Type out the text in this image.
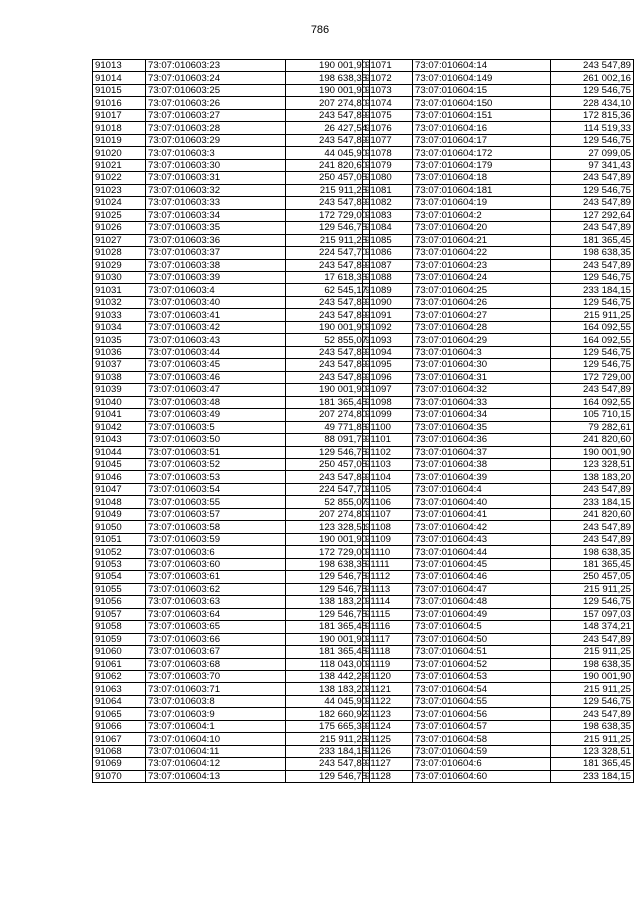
786
91013	73:07:010603:23	190 001,90
91014	73:07:010603:24	198 638,35
91015	73:07:010603:25	190 001,90
91016	73:07:010603:26	207 274,80
91017	73:07:010603:27	243 547,89
91018	73:07:010603:28	26 427,54
91019	73:07:010603:29	243 547,89
91020	73:07:010603:3	44 045,90
91021	73:07:010603:30	241 820,60
91022	73:07:010603:31	250 457,05
91023	73:07:010603:32	215 911,25
91024	73:07:010603:33	243 547,89
91025	73:07:010603:34	172 729,00
91026	73:07:010603:35	129 546,75
91027	73:07:010603:36	215 911,25
91028	73:07:010603:37	224 547,70
91029	73:07:010603:38	243 547,89
91030	73:07:010603:39	17 618,36
91031	73:07:010603:4	62 545,17
91032	73:07:010603:40	243 547,89
91033	73:07:010603:41	243 547,89
91034	73:07:010603:42	190 001,90
91035	73:07:010603:43	52 855,07
91036	73:07:010603:44	243 547,89
91037	73:07:010603:45	243 547,89
91038	73:07:010603:46	243 547,89
91039	73:07:010603:47	190 001,90
91040	73:07:010603:48	181 365,45
91041	73:07:010603:49	207 274,80
91042	73:07:010603:5	49 771,86
91043	73:07:010603:50	88 091,79
91044	73:07:010603:51	129 546,75
91045	73:07:010603:52	250 457,05
91046	73:07:010603:53	243 547,89
91047	73:07:010603:54	224 547,70
91048	73:07:010603:55	52 855,07
91049	73:07:010603:57	207 274,80
91050	73:07:010603:58	123 328,51
91051	73:07:010603:59	190 001,90
91052	73:07:010603:6	172 729,00
91053	73:07:010603:60	198 638,35
91054	73:07:010603:61	129 546,75
91055	73:07:010603:62	129 546,75
91056	73:07:010603:63	138 183,20
91057	73:07:010603:64	129 546,75
91058	73:07:010603:65	181 365,45
91059	73:07:010603:66	190 001,90
91060	73:07:010603:67	181 365,45
91061	73:07:010603:68	118 043,00
91062	73:07:010603:70	138 442,29
91063	73:07:010603:71	138 183,20
91064	73:07:010603:8	44 045,90
91065	73:07:010603:9	182 660,92
91066	73:07:010604:1	175 665,39
91067	73:07:010604:10	215 911,25
91068	73:07:010604:11	233 184,15
91069	73:07:010604:12	243 547,89
91070	73:07:010604:13	129 546,75
91071	73:07:010604:14	243 547,89
91072	73:07:010604:149	261 002,16
91073	73:07:010604:15	129 546,75
91074	73:07:010604:150	228 434,10
91075	73:07:010604:151	172 815,36
91076	73:07:010604:16	114 519,33
91077	73:07:010604:17	129 546,75
91078	73:07:010604:172	27 099,05
91079	73:07:010604:179	97 341,43
91080	73:07:010604:18	243 547,89
91081	73:07:010604:181	129 546,75
91082	73:07:010604:19	243 547,89
91083	73:07:010604:2	127 292,64
91084	73:07:010604:20	243 547,89
91085	73:07:010604:21	181 365,45
91086	73:07:010604:22	198 638,35
91087	73:07:010604:23	243 547,89
91088	73:07:010604:24	129 546,75
91089	73:07:010604:25	233 184,15
91090	73:07:010604:26	129 546,75
91091	73:07:010604:27	215 911,25
91092	73:07:010604:28	164 092,55
91093	73:07:010604:29	164 092,55
91094	73:07:010604:3	129 546,75
91095	73:07:010604:30	129 546,75
91096	73:07:010604:31	172 729,00
91097	73:07:010604:32	243 547,89
91098	73:07:010604:33	164 092,55
91099	73:07:010604:34	105 710,15
91100	73:07:010604:35	79 282,61
91101	73:07:010604:36	241 820,60
91102	73:07:010604:37	190 001,90
91103	73:07:010604:38	123 328,51
91104	73:07:010604:39	138 183,20
91105	73:07:010604:4	243 547,89
91106	73:07:010604:40	233 184,15
91107	73:07:010604:41	241 820,60
91108	73:07:010604:42	243 547,89
91109	73:07:010604:43	243 547,89
91110	73:07:010604:44	198 638,35
91111	73:07:010604:45	181 365,45
91112	73:07:010604:46	250 457,05
91113	73:07:010604:47	215 911,25
91114	73:07:010604:48	129 546,75
91115	73:07:010604:49	157 097,03
91116	73:07:010604:5	148 374,21
91117	73:07:010604:50	243 547,89
91118	73:07:010604:51	215 911,25
91119	73:07:010604:52	198 638,35
91120	73:07:010604:53	190 001,90
91121	73:07:010604:54	215 911,25
91122	73:07:010604:55	129 546,75
91123	73:07:010604:56	243 547,89
91124	73:07:010604:57	198 638,35
91125	73:07:010604:58	215 911,25
91126	73:07:010604:59	123 328,51
91127	73:07:010604:6	181 365,45
91128	73:07:010604:60	233 184,15
